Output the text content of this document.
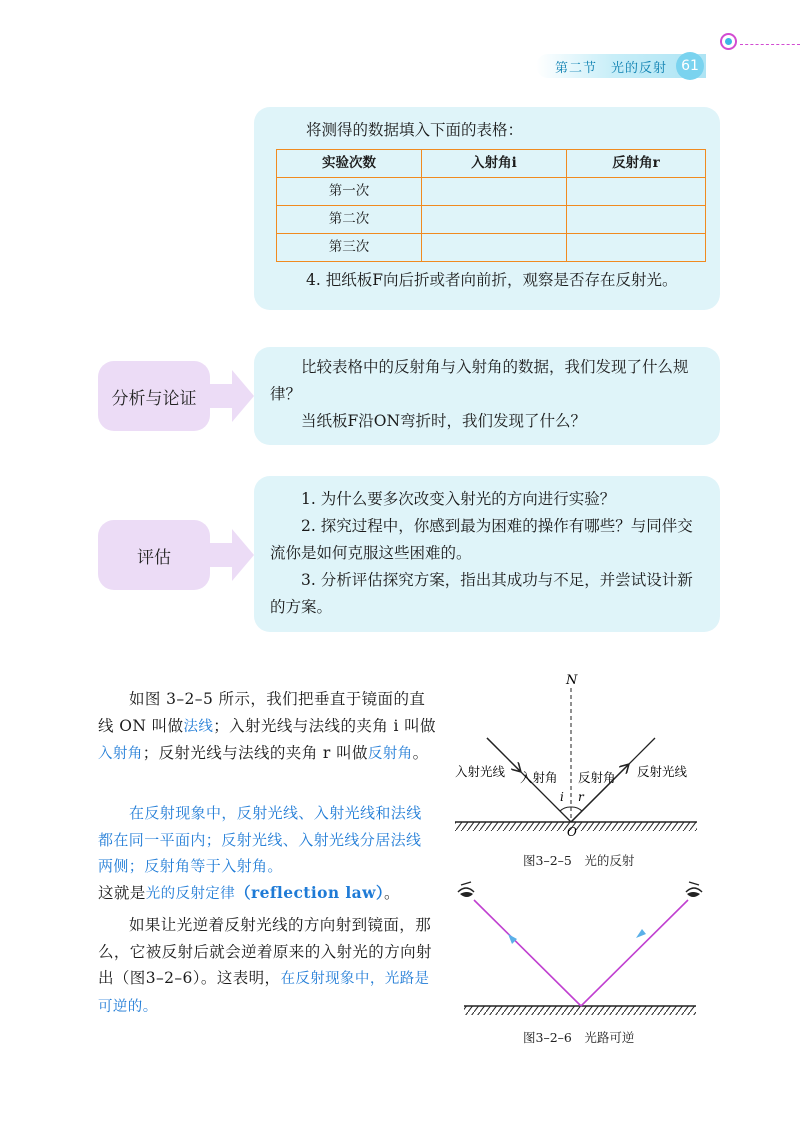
第二节　光的反射	61

将测得的数据填入下面的表格：

实验次数	入射角i	反射角r
第一次		
第二次		
第三次		

4. 把纸板F向后折或者向前折，观察是否存在反射光。

分析与论证

比较表格中的反射角与入射角的数据，我们发现了什么规律？

当纸板F沿ON弯折时，我们发现了什么？

评估

1. 为什么要多次改变入射光的方向进行实验？

2. 探究过程中，你感到最为困难的操作有哪些？与同伴交流你是如何克服这些困难的。

3. 分析评估探究方案，指出其成功与不足，并尝试设计新的方案。

如图 3–2–5 所示，我们把垂直于镜面的直线 ON 叫做法线；入射光线与法线的夹角 i 叫做入射角；反射光线与法线的夹角 r 叫做反射角。
在反射现象中，反射光线、入射光线和法线都在同一平面内；反射光线、入射光线分居法线两侧；反射角等于入射角。
这就是光的反射定律（reflection law）。
如果让光逆着反射光线的方向射到镜面，那么，它被反射后就会逆着原来的入射光的方向射出（图3–2–6）。这表明，在反射现象中，光路是可逆的。
N
入射角 反射角
入射光线	反射光线
i r
O
图3–2–5　光的反射
图3–2–6　光路可逆
